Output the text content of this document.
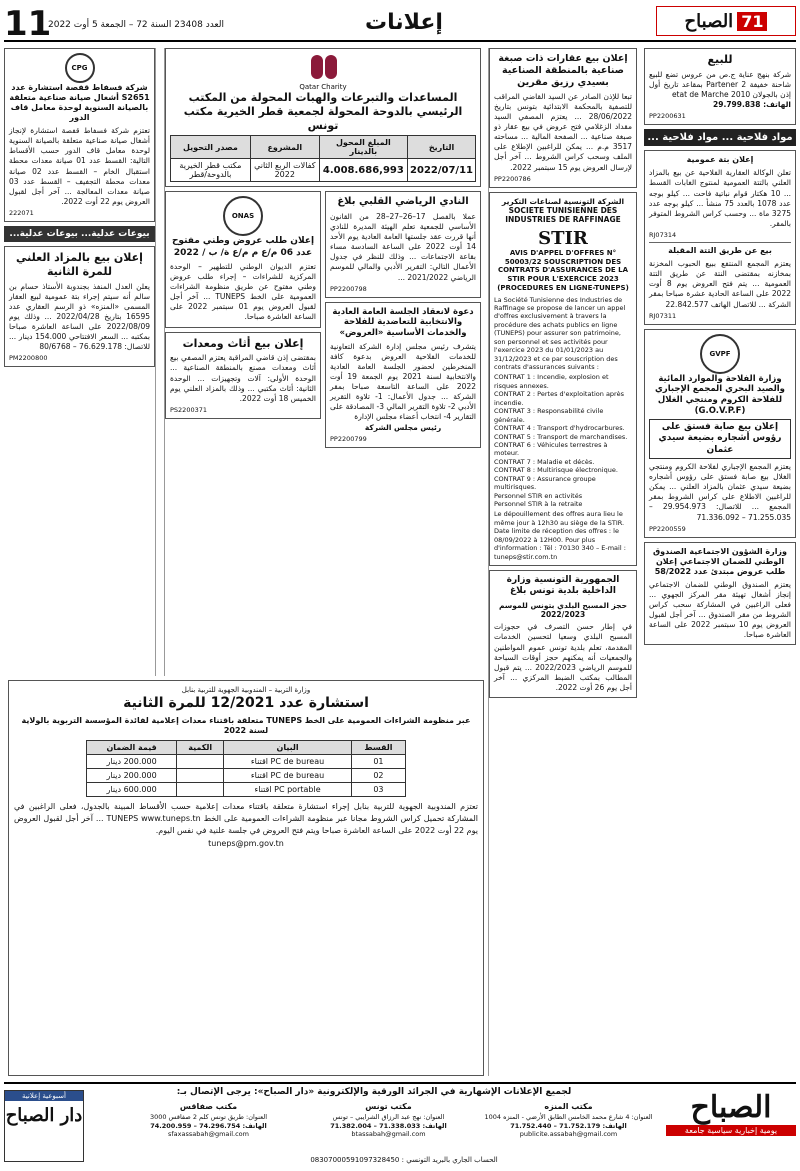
11
العدد 23408 السنة 72 – الجمعة 5 أوت 2022	إعلانات	71
الصباح
للبيع
شركة بنهج عناية ج.ص من عروس تضع للبيع شاحنة خفيفة Partener 2 بمقاعد تاريخ أول إذن بالجولان 2010 etat de Marche
الهاتف: 29.799.838
PP2200631
مواد فلاحية ... مواد فلاحية ...
إعلان بتة عمومية
تعلن الوكالة العقارية الفلاحية عن بيع بالمزاد العلني بالتتة العمومية لمنتوج الغابات القسط ... 10 هكتار قوام نباتية فاحت ... كيلو بوجه عدد 1078 بالعدد 75 منشأ ... كيلو بوجه عدد 3275 ماة ... وحسب كراس الشروط المتوفر بالمقر.
RJ07314
بيع عن طريق التتة المقبلة
يعتزم المجمع المنتفع ببيع الحبوب المخزنة بمخازنه بمقتضى النتة عن طريق التتة العمومية ... يتم فتح العروض يوم 8 أوت 2022 على الساعة الحادية عشرة صباحا بمقر الشركة ... للاتصال الهاتف 22.842.577
RJ07311
GVPF
وزارة الفلاحة والموارد المائية والصيد البحري المجمع الإجباري للفلاحة الكروم ومنتجي الغلال (G.O.V.P.F)
إعلان بيع صابة فستق على رؤوس أشجاره بضيعة سيدي عثمان
يعتزم المجمع الإجباري لفلاحة الكروم ومنتجي الغلال بيع صابة فستق على رؤوس أشجاره بضيعة سيدي عثمان بالمزاد العلني ... يمكن للراغبين الاطلاع على كراس الشروط بمقر المجمع ... للاتصال: 29.954.973 – 71.255.035 – 71.336.092
PP2200559
وزارة الشؤون الاجتماعية الصندوق الوطني للضمان الاجتماعي إعلان طلب عروض مبتدئ عدد 58/2022
يعتزم الصندوق الوطني للضمان الاجتماعي إنجاز أشغال تهيئة مقر المركز الجهوي ... فعلى الراغبين في المشاركة سحب كراس الشروط من مقر الصندوق ... آخر أجل لقبول العروض يوم 10 سبتمبر 2022 على الساعة العاشرة صباحا.
إعلان بيع عقارات ذات صبغة صناعية بالمنطقة الصناعية بسيدي رزيق مقرين
تبعا للإذن الصادر عن السيد القاضي المراقب للتصفية بالمحكمة الابتدائية بتونس بتاريخ 28/06/2022 ... يعتزم المصفي السيد مقداد الزغلامي فتح عروض في بيع عقار ذو صبغة صناعية ... الصفحة المالية ... مساحته 3517 م.م ... يمكن للراغبين الإطلاع على الملف وسحب كراس الشروط ... آخر أجل لإرسال العروض يوم 15 سبتمبر 2022.
PP2200786
الشركة التونسية لصناعات التكرير SOCIETE TUNISIENNE DES INDUSTRIES DE RAFFINAGE
STIR
AVIS D'APPEL D'OFFRES N° 50003/22 SOUSCRIPTION DES CONTRATS D'ASSURANCES DE LA STIR POUR L'EXERCICE 2023 (PROCEDURES EN LIGNE-TUNEPS)
La Société Tunisienne des Industries de Raffinage se propose de lancer un appel d'offres exclusivement à travers la procédure des achats publics en ligne (TUNEPS) pour assurer son patrimoine, son personnel et ses activités pour l'exercice 2023 du 01/01/2023 au 31/12/2023 et ce par souscription des contrats d'assurances suivants :
CONTRAT 1 : Incendie, explosion et risques annexes.
CONTRAT 2 : Pertes d'exploitation après incendie.
CONTRAT 3 : Responsabilité civile générale.
CONTRAT 4 : Transport d'hydrocarbures.
CONTRAT 5 : Transport de marchandises.
CONTRAT 6 : Véhicules terrestres à moteur.
CONTRAT 7 : Maladie et décès.
CONTRAT 8 : Multirisque électronique.
CONTRAT 9 : Assurance groupe multirisques.
Personnel STIR en activités
Personnel STIR à la retraite
Le dépouillement des offres aura lieu le même jour à 12h30 au siège de la STIR. Date limite de réception des offres : le 08/09/2022 à 12H00. Pour plus d'information : Tél : 70130 340 – E-mail : tuneps@stir.com.tn
الجمهورية التونسية وزارة الداخلية بلدية تونس بلاغ
حجز المسبح البلدي بتونس للموسم 2022/2023
في إطار حسن التصرف في حجوزات المسبح البلدي وسعيا لتحسين الخدمات المقدمة، تعلم بلدية تونس عموم المواطنين والجمعيات أنه يمكنهم حجز أوقات السباحة للموسم الرياضي 2022/2023 ... يتم قبول المطالب بمكتب الضبط المركزي ... آخر أجل يوم 26 أوت 2022.
Qatar Charity
المساعدات والتبرعات والهبات المحولة من المكتب الرئيسي بالدوحة المحولة لجمعية قطر الخيرية مكتب تونس
التاريخ	المبلغ المحول بالدينار	المشروع	مصدر التحويل
2022/07/11	4.008.686,993	كفالات الربع الثاني 2022	مكتب قطر الخيرية بالدوحة/قطر
النادي الرياضي القلبي بلاغ
عملا بالفصل 17–26–27–28 من القانون الأساسي للجمعية تعلم الهيئة المديرة للنادي أنها قررت عقد جلستها العامة العادية يوم الأحد 14 أوت 2022 على الساعة السادسة مساء بقاعة الاجتماعات ... وذلك للنظر في جدول الأعمال التالي: التقرير الأدبي والمالي للموسم الرياضي 2021/2022 ...
PP2200798
دعوة لانعقاد الجلسة العامة العادية والانتخابية للتعاضدية للفلاحة والخدمات الأساسية «العروض»
يتشرف رئيس مجلس إدارة الشركة التعاونية للخدمات الفلاحية العروض بدعوة كافة المنخرطين لحضور الجلسة العامة العادية والانتخابية لسنة 2021 يوم الجمعة 19 أوت 2022 على الساعة التاسعة صباحا بمقر الشركة ... جدول الأعمال: 1- تلاوة التقرير الأدبي 2- تلاوة التقرير المالي 3- المصادقة على التقارير 4- انتخاب أعضاء مجلس الإدارة
رئيس مجلس الشركة
PP2200799
ONAS
إعلان طلب عروض وطني مفتوح عدد 06 م/ع م م/ع ة/ ب / 2022
تعتزم الديوان الوطني للتطهير – الوحدة المركزية للشراءات – إجراء طلب عروض وطني مفتوح عن طريق منظومة الشراءات العمومية على الخط TUNEPS ... آخر أجل لقبول العروض يوم 01 سبتمبر 2022 على الساعة العاشرة صباحا.
إعلان بيع أثاث ومعدات
بمقتضى إذن قاضي المراقبة يعتزم المصفي بيع أثاث ومعدات مصنع بالمنطقة الصناعية ... الوحدة الأولى: آلات وتجهيزات ... الوحدة الثانية: أثاث مكتبي ... وذلك بالمزاد العلني يوم الخميس 18 أوت 2022.
PS2200371
وزارة التربية – المندوبية الجهوية للتربية بنابل
استشارة عدد 12/2021 للمرة الثانية
عبر منظومة الشراءات العمومية على الخط TUNEPS متعلقة باقتناء معدات إعلامية لفائدة المؤسسة التربوية بالولاية لسنة 2022
القسط	البيان	الكمية	قيمة الضمان
01	PC de bureau اقتناء		200.000 دينار
02	PC de bureau اقتناء		200.000 دينار
03	PC portable اقتناء		600.000 دينار
تعتزم المندوبية الجهوية للتربية بنابل إجراء استشارة متعلقة باقتناء معدات إعلامية حسب الأقساط المبينة بالجدول، فعلى الراغبين في المشاركة تحميل كراس الشروط مجانا عبر منظومة الشراءات العمومية على الخط TUNEPS www.tuneps.tn ... آخر أجل لقبول العروض يوم 22 أوت 2022 على الساعة العاشرة صباحا ويتم فتح العروض في جلسة علنية في نفس اليوم.
tuneps@pm.gov.tn
CPG
شركة فسفاط قفصة استشارة عدد S2651 أشغال صيانة صناعية متعلقة بالصيانة السنوية لوحدة معامل قاف الدور
تعتزم شركة فسفاط قفصة استشارة لإنجاز أشغال صيانة صناعية متعلقة بالصيانة السنوية لوحدة معامل قاف الدور حسب الأقساط التالية: القسط عدد 01 صيانة معدات محطة استقبال الخام – القسط عدد 02 صيانة معدات محطة التجفيف – القسط عدد 03 صيانة معدات المعالجة ... آخر أجل لقبول العروض يوم 22 أوت 2022.
222071
بيوعات عدلية... بيوعات عدلية...
إعلان بيع بالمزاد العلني للمرة الثانية
يعلن العدل المنفذ بجندوبة الأستاذ حسام بن سالم أنه سيتم إجراء بتة عمومية لبيع العقار المسمى «المنزه» ذو الرسم العقاري عدد 16595 بتاريخ 2022/04/28 ... وذلك يوم 2022/08/09 على الساعة العاشرة صباحا بمكتبه ... السعر الافتتاحي 154.000 دينار ... للاتصال: 76.629.178 – 80/6768
PM2200800
الصباح
يومية إخبارية سياسية جامعة
لجميع الإعلانات الإشهارية في الجرائد الورقية والإلكترونية «دار الصباح»: يرجى الإتصال بـ:
مكتب المنزه
العنوان: 4 شارع محمد الخامس الطابق الأرضي - المنزه 1004
الهاتف: 71.752.179 – 71.752.440
publicite.assabah@gmail.com
مكتب تونس
العنوان: نهج عبد الرزاق الشرايبي – تونس
الهاتف: 71.338.033 – 71.382.004
btassabah@gmail.com
مكتب صفاقس
العنوان: طريق تونس كلم 2 صفاقس 3000
الهاتف: 74.296.754 – 74.200.959
sfaxassabah@gmail.com
08307000591097328450 : الحساب الجاري بالبريد التونسي
أسبوعية إعلانية
دار الصباح
